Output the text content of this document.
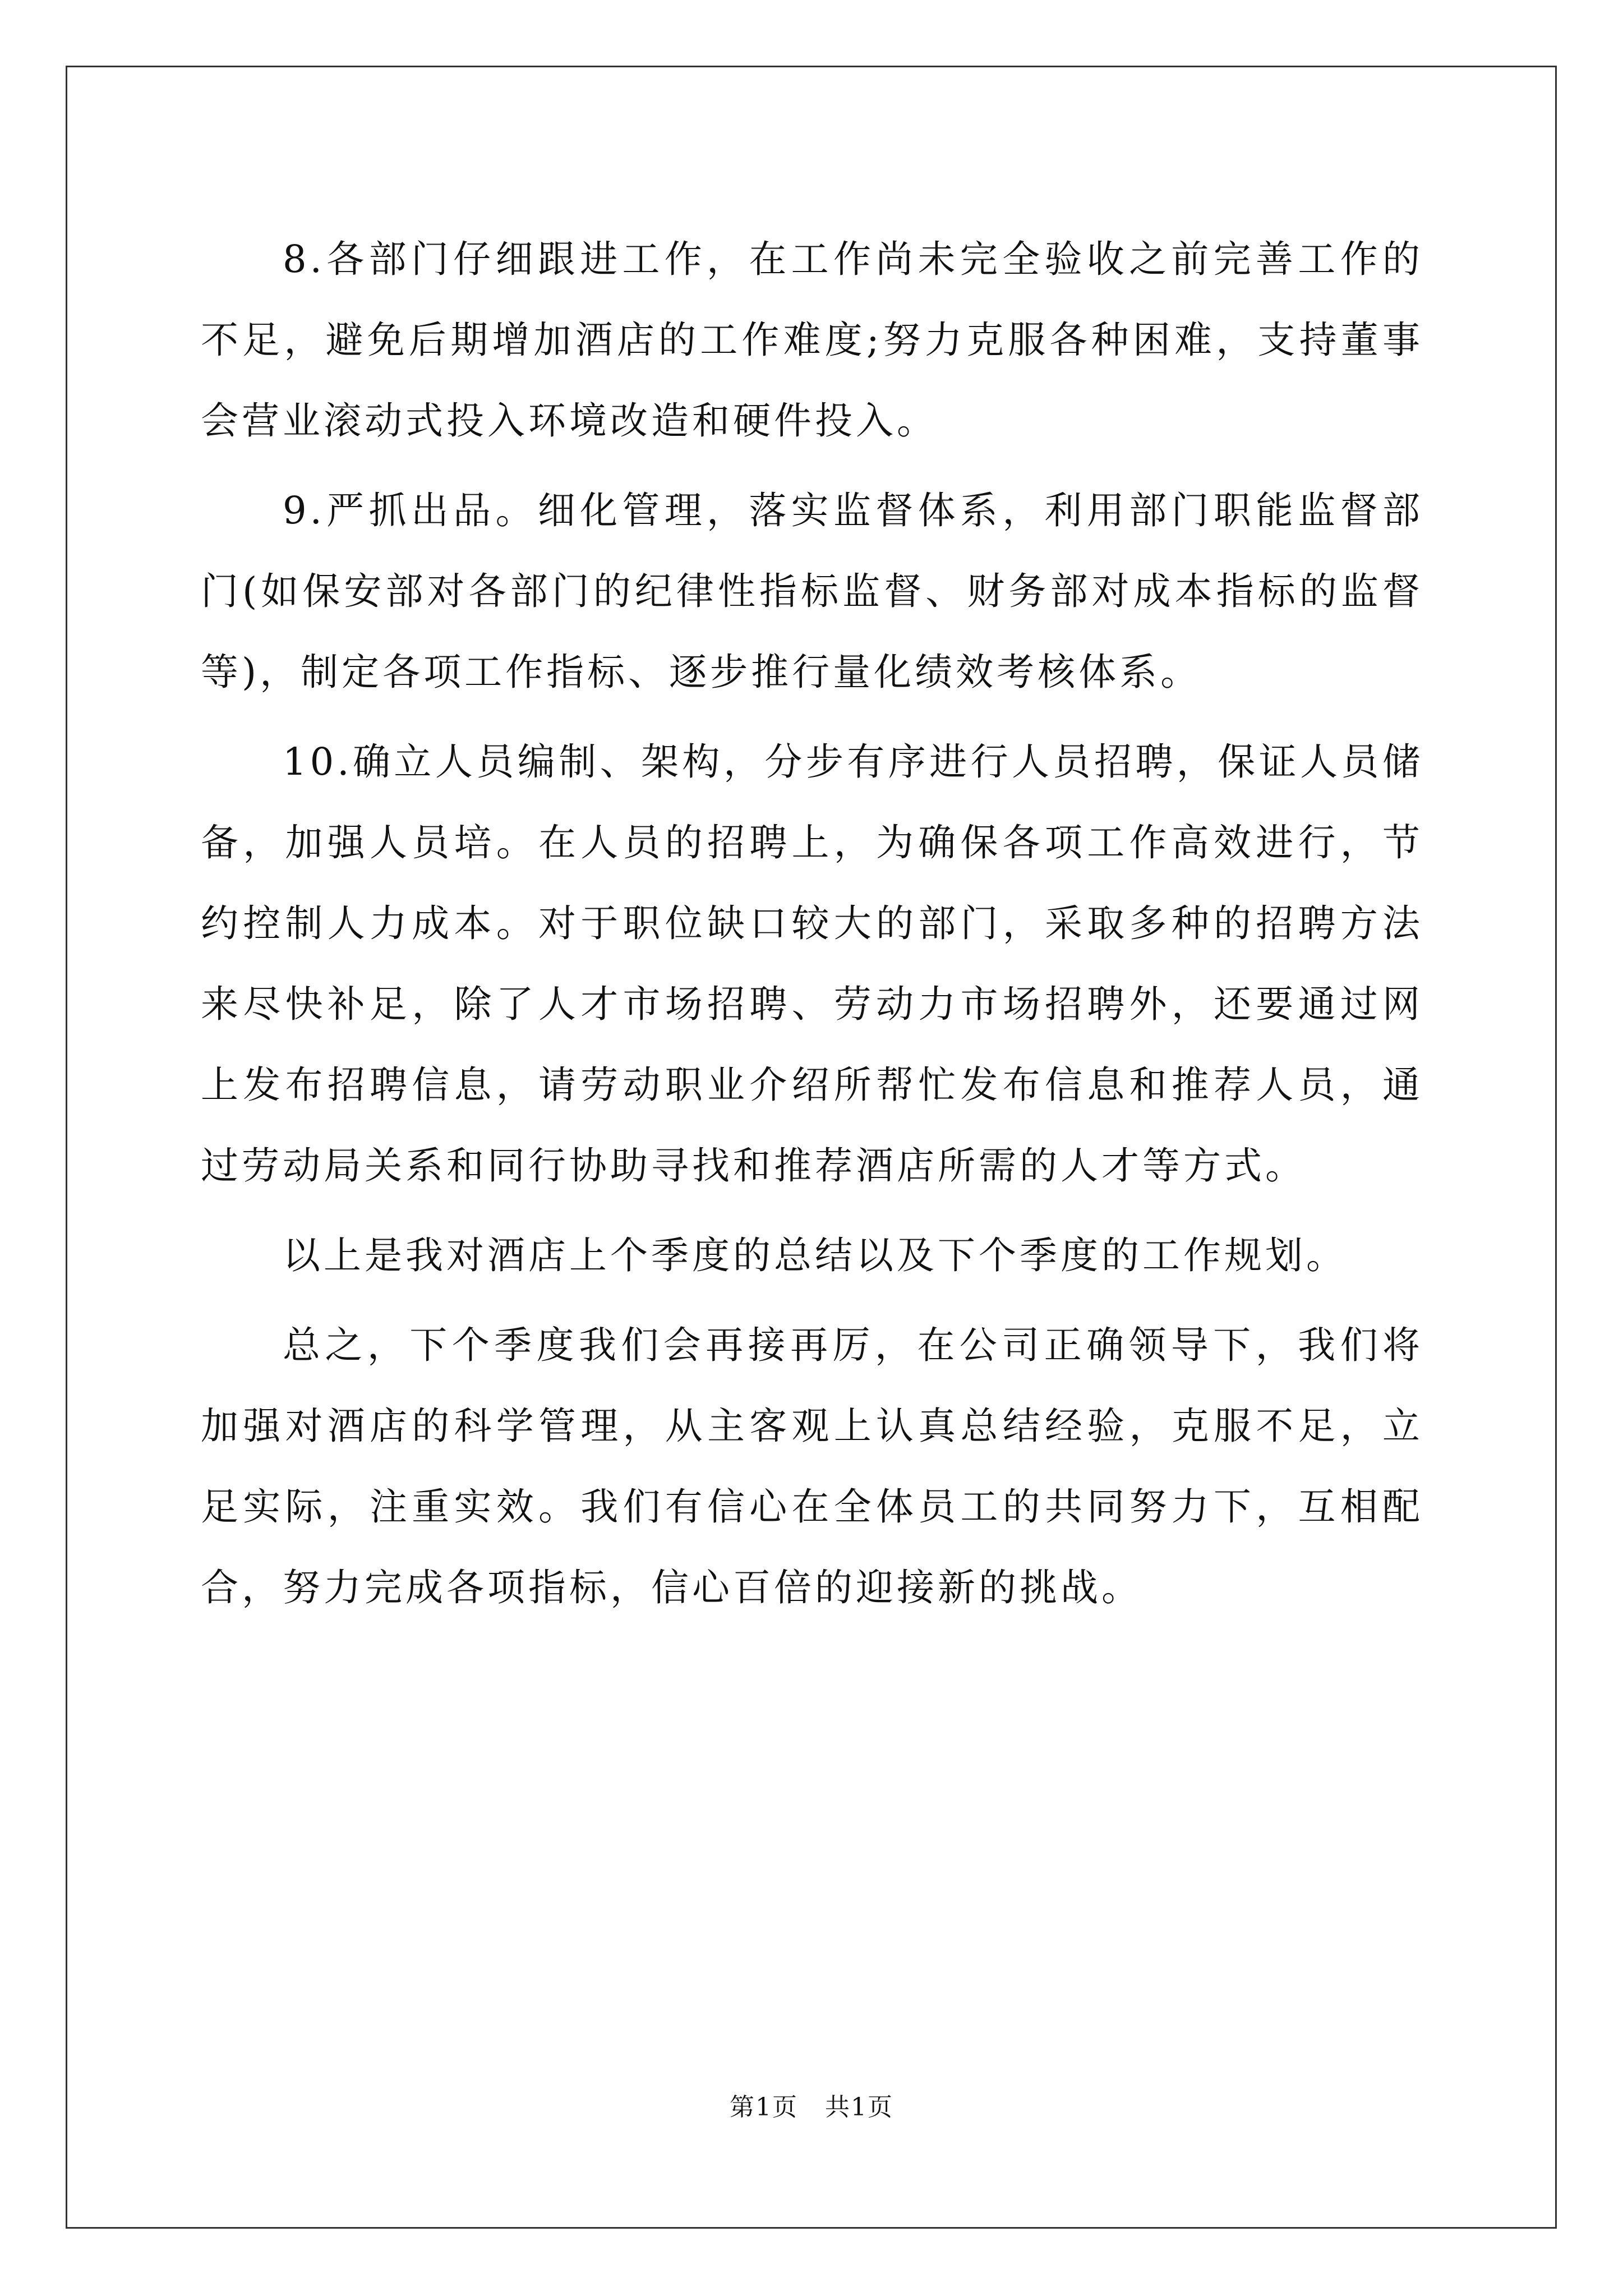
8.各部门仔细跟进工作，在工作尚未完全验收之前完善工作的不足，避免后期增加酒店的工作难度;努力克服各种困难，支持董事会营业滚动式投入环境改造和硬件投入。

9.严抓出品。细化管理，落实监督体系，利用部门职能监督部门(如保安部对各部门的纪律性指标监督、财务部对成本指标的监督等)，制定各项工作指标、逐步推行量化绩效考核体系。

10.确立人员编制、架构，分步有序进行人员招聘，保证人员储备，加强人员培。在人员的招聘上，为确保各项工作高效进行，节约控制人力成本。对于职位缺口较大的部门，采取多种的招聘方法来尽快补足，除了人才市场招聘、劳动力市场招聘外，还要通过网上发布招聘信息，请劳动职业介绍所帮忙发布信息和推荐人员，通过劳动局关系和同行协助寻找和推荐酒店所需的人才等方式。

以上是我对酒店上个季度的总结以及下个季度的工作规划。

总之，下个季度我们会再接再厉，在公司正确领导下，我们将加强对酒店的科学管理，从主客观上认真总结经验，克服不足，立足实际，注重实效。我们有信心在全体员工的共同努力下，互相配合，努力完成各项指标，信心百倍的迎接新的挑战。

第1页 共1页
